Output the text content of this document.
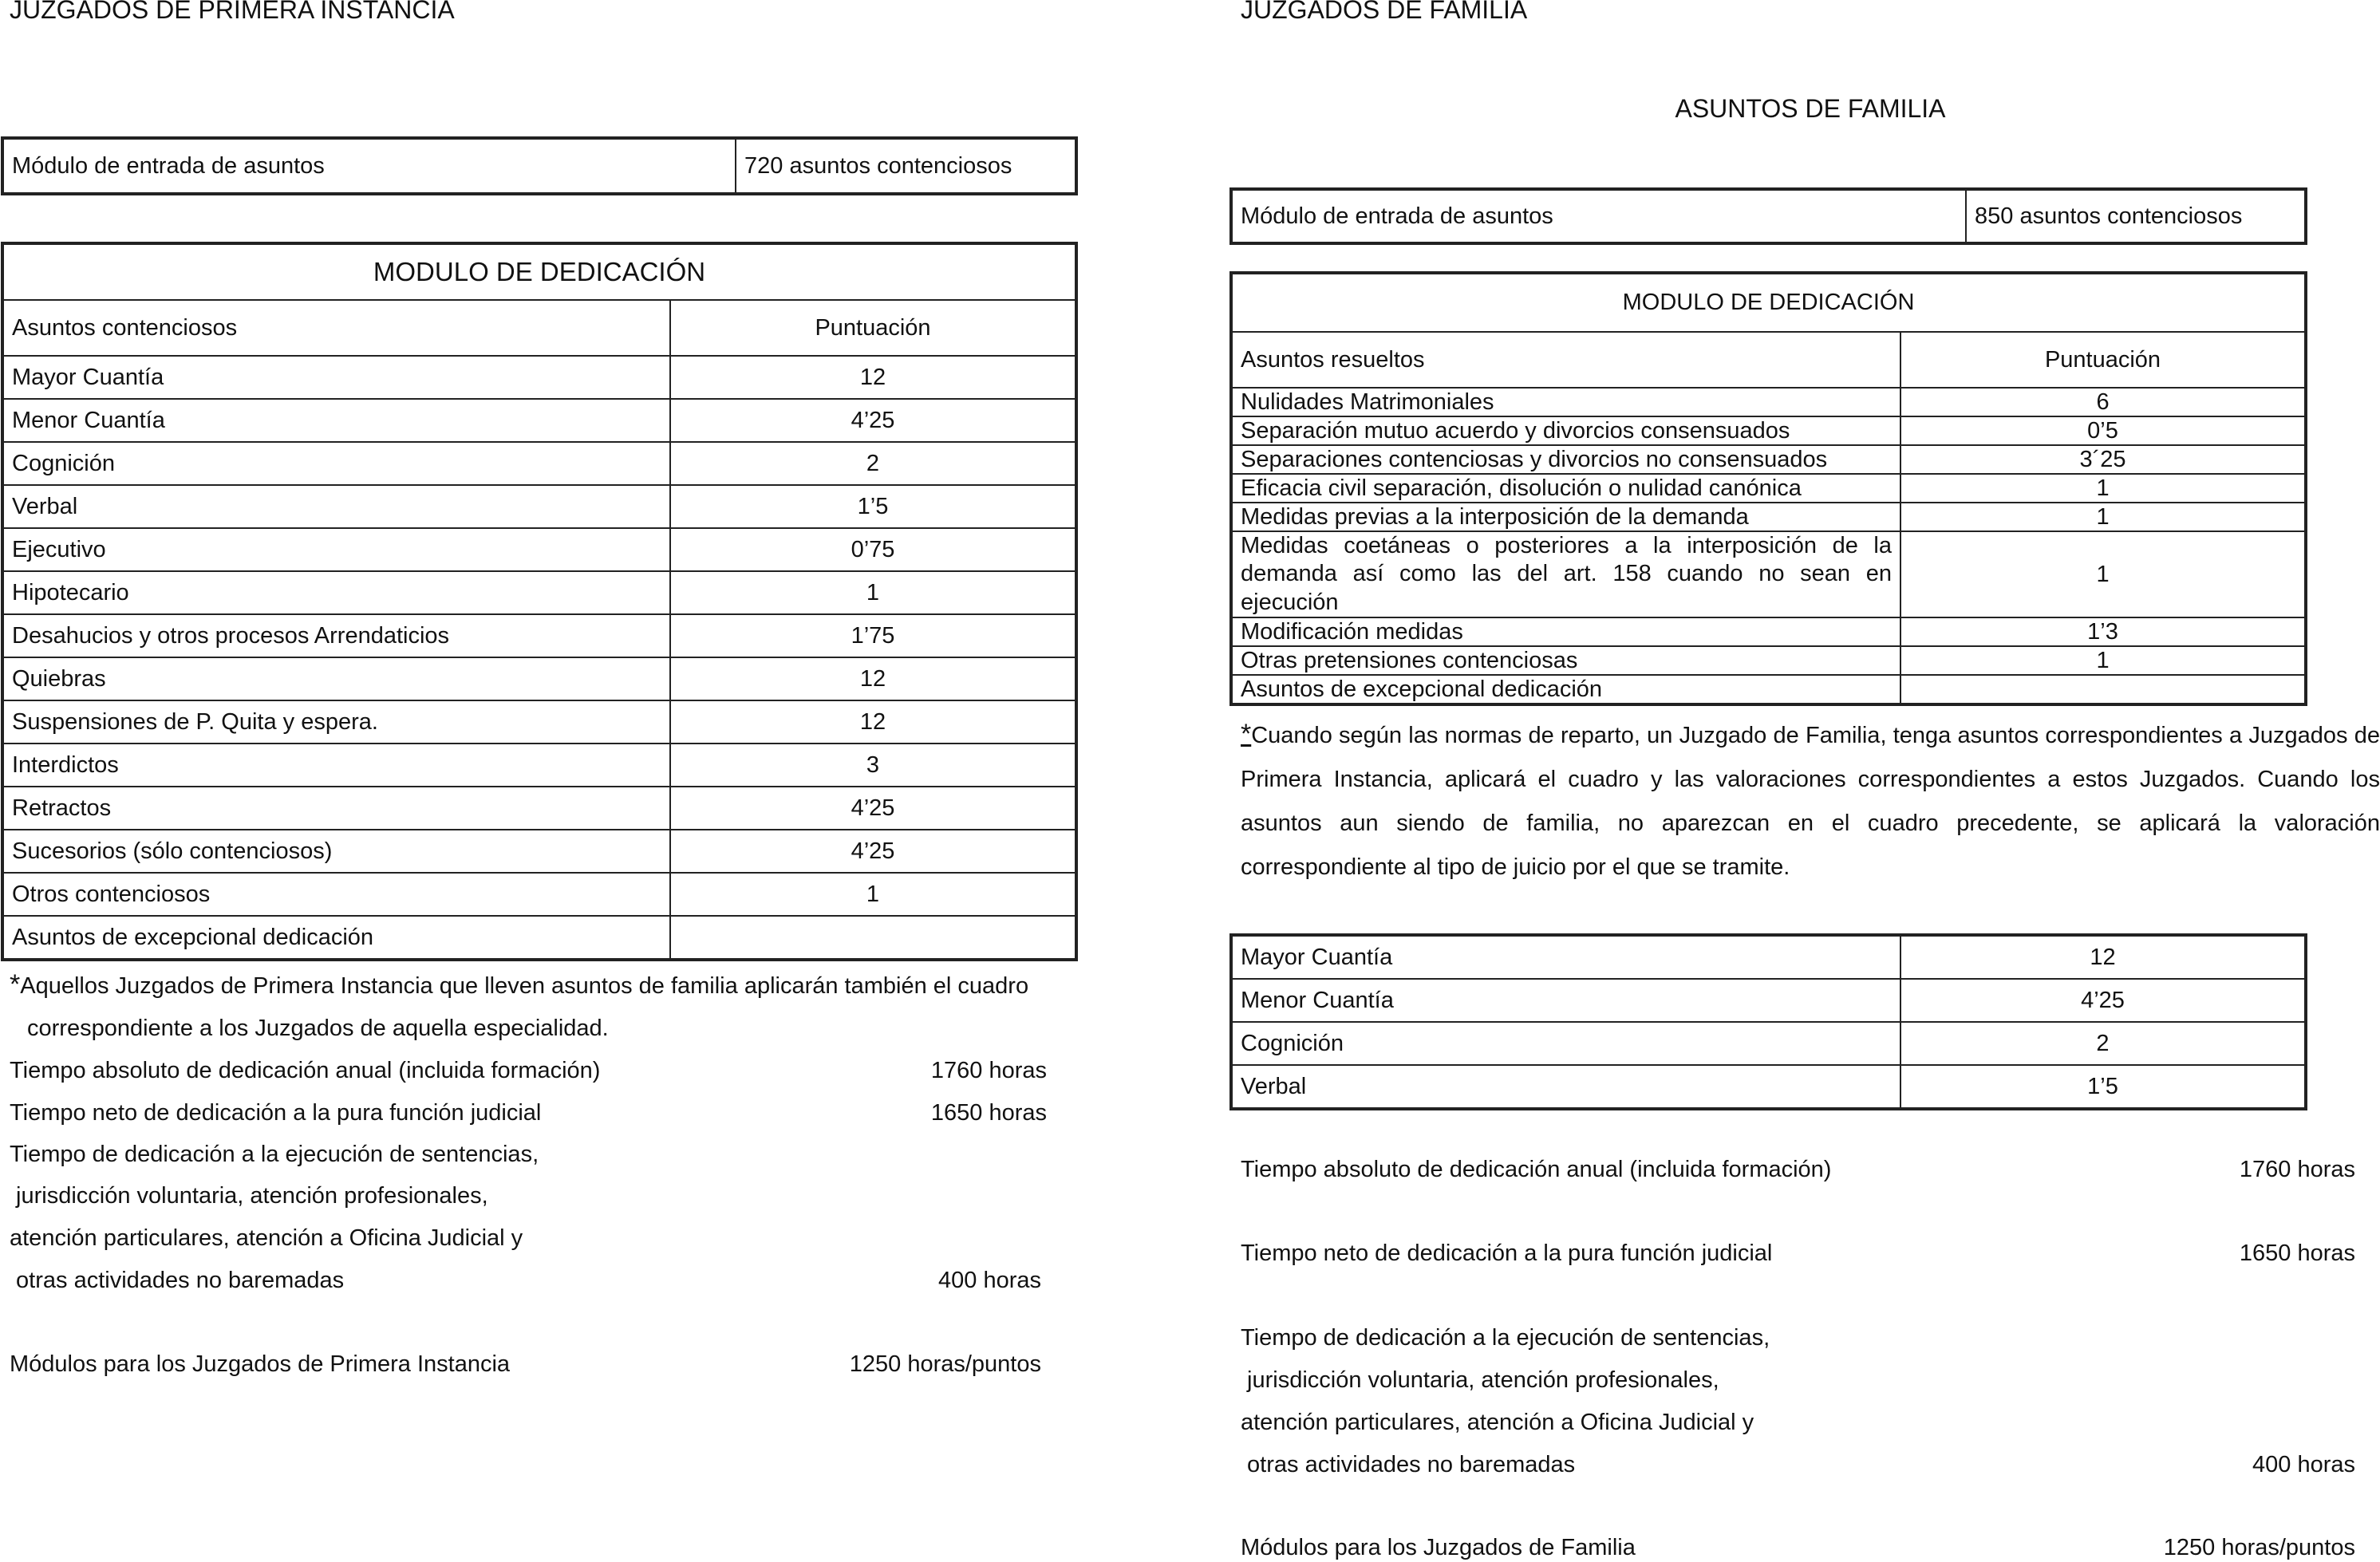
JUZGADOS DE PRIMERA INSTANCIA
Módulo de entrada de asuntos	720 asuntos contenciosos
MODULO DE DEDICACIÓN	
Asuntos contenciosos	Puntuación
Mayor Cuantía	12
Menor Cuantía	4’25
Cognición	2
Verbal	1’5
Ejecutivo	0’75
Hipotecario	1
Desahucios y otros procesos Arrendaticios	1’75
Quiebras	12
Suspensiones de P. Quita y espera.	12
Interdictos	3
Retractos	4’25
Sucesorios (sólo contenciosos)	4’25
Otros contenciosos	1
Asuntos de excepcional dedicación	
*Aquellos Juzgados de Primera Instancia que lleven asuntos de familia aplicarán también el cuadro
correspondiente a los Juzgados de aquella especialidad.
Tiempo absoluto de dedicación anual (incluida formación)	1760 horas
Tiempo neto de dedicación a la pura función judicial	1650 horas
Tiempo de dedicación a la ejecución de sentencias,
jurisdicción voluntaria, atención profesionales,
atención particulares, atención a Oficina Judicial y
otras actividades no baremadas	400 horas
Módulos para los Juzgados de Primera Instancia	1250 horas/puntos
JUZGADOS DE FAMILIA
ASUNTOS DE FAMILIA
Módulo de entrada de asuntos	850 asuntos contenciosos
MODULO DE DEDICACIÓN	
Asuntos resueltos	Puntuación
Nulidades Matrimoniales	6
Separación mutuo acuerdo y divorcios consensuados	0’5
Separaciones contenciosas y divorcios no consensuados	3´25
Eficacia civil separación, disolución o nulidad canónica	1
Medidas previas a la interposición de la demanda	1
Medidas coetáneas o posteriores a la interposición de la demanda así como las del art. 158 cuando no sean en ejecución	1
Modificación medidas	1’3
Otras pretensiones contenciosas	1
Asuntos de excepcional dedicación	
*Cuando según las normas de reparto, un Juzgado de Familia, tenga asuntos correspondientes a Juzgados de Primera Instancia, aplicará el cuadro y las valoraciones correspondientes a estos Juzgados. Cuando los asuntos aun siendo de familia, no aparezcan en el cuadro precedente, se aplicará la valoración correspondiente al tipo de juicio por el que se tramite.
Mayor Cuantía	12
Menor Cuantía	4’25
Cognición	2
Verbal	1’5
Tiempo absoluto de dedicación anual (incluida formación)	1760 horas
Tiempo neto de dedicación a la pura función judicial	1650 horas
Tiempo de dedicación a la ejecución de sentencias,
jurisdicción voluntaria, atención profesionales,
atención particulares, atención a Oficina Judicial y
otras actividades no baremadas	400 horas
Módulos para los Juzgados de Familia	1250 horas/puntos
